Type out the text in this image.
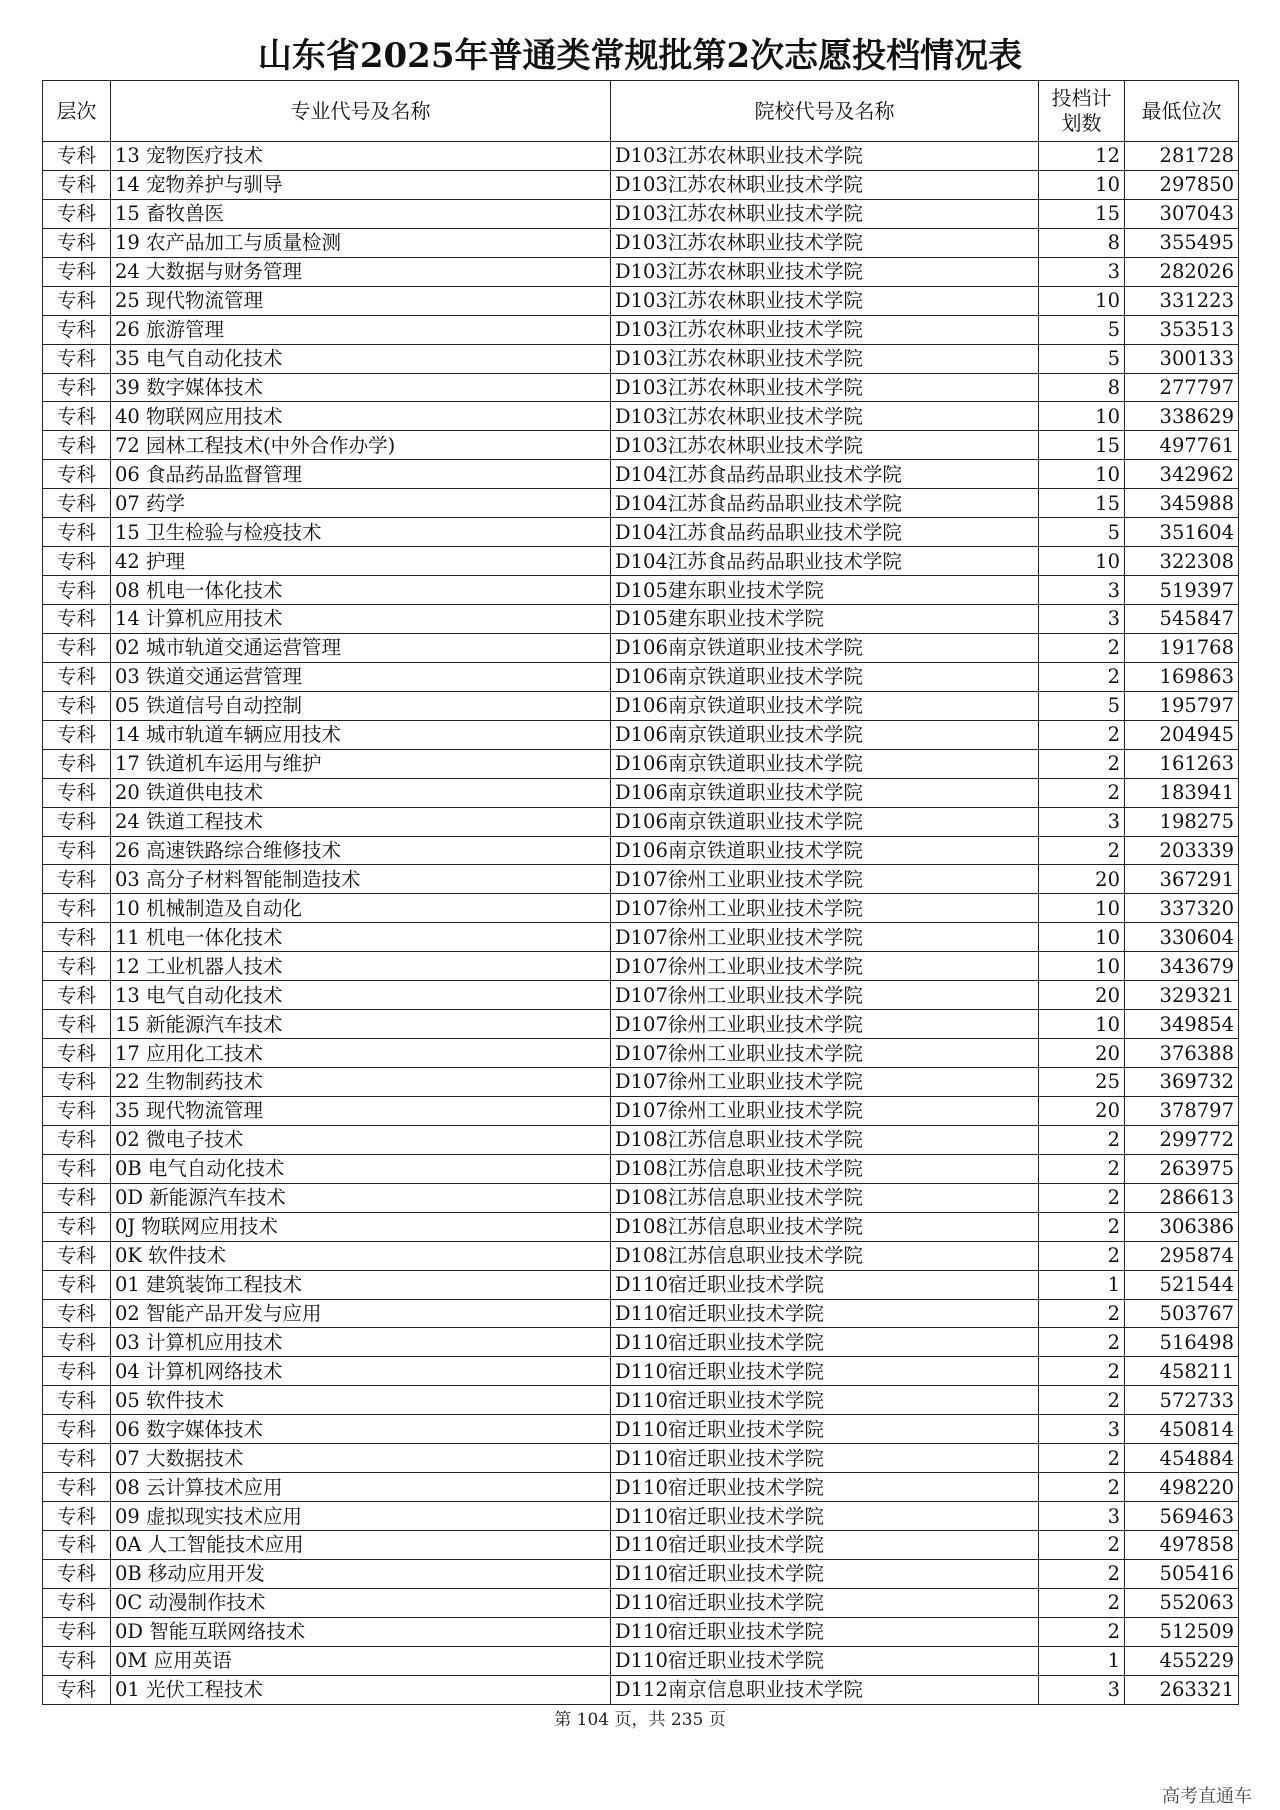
山东省2025年普通类常规批第2次志愿投档情况表
层次	专业代号及名称	院校代号及名称	投档计划数	最低位次
专科	13 宠物医疗技术	D103江苏农林职业技术学院	12	281728
专科	14 宠物养护与驯导	D103江苏农林职业技术学院	10	297850
专科	15 畜牧兽医	D103江苏农林职业技术学院	15	307043
专科	19 农产品加工与质量检测	D103江苏农林职业技术学院	8	355495
专科	24 大数据与财务管理	D103江苏农林职业技术学院	3	282026
专科	25 现代物流管理	D103江苏农林职业技术学院	10	331223
专科	26 旅游管理	D103江苏农林职业技术学院	5	353513
专科	35 电气自动化技术	D103江苏农林职业技术学院	5	300133
专科	39 数字媒体技术	D103江苏农林职业技术学院	8	277797
专科	40 物联网应用技术	D103江苏农林职业技术学院	10	338629
专科	72 园林工程技术(中外合作办学)	D103江苏农林职业技术学院	15	497761
专科	06 食品药品监督管理	D104江苏食品药品职业技术学院	10	342962
专科	07 药学	D104江苏食品药品职业技术学院	15	345988
专科	15 卫生检验与检疫技术	D104江苏食品药品职业技术学院	5	351604
专科	42 护理	D104江苏食品药品职业技术学院	10	322308
专科	08 机电一体化技术	D105建东职业技术学院	3	519397
专科	14 计算机应用技术	D105建东职业技术学院	3	545847
专科	02 城市轨道交通运营管理	D106南京铁道职业技术学院	2	191768
专科	03 铁道交通运营管理	D106南京铁道职业技术学院	2	169863
专科	05 铁道信号自动控制	D106南京铁道职业技术学院	5	195797
专科	14 城市轨道车辆应用技术	D106南京铁道职业技术学院	2	204945
专科	17 铁道机车运用与维护	D106南京铁道职业技术学院	2	161263
专科	20 铁道供电技术	D106南京铁道职业技术学院	2	183941
专科	24 铁道工程技术	D106南京铁道职业技术学院	3	198275
专科	26 高速铁路综合维修技术	D106南京铁道职业技术学院	2	203339
专科	03 高分子材料智能制造技术	D107徐州工业职业技术学院	20	367291
专科	10 机械制造及自动化	D107徐州工业职业技术学院	10	337320
专科	11 机电一体化技术	D107徐州工业职业技术学院	10	330604
专科	12 工业机器人技术	D107徐州工业职业技术学院	10	343679
专科	13 电气自动化技术	D107徐州工业职业技术学院	20	329321
专科	15 新能源汽车技术	D107徐州工业职业技术学院	10	349854
专科	17 应用化工技术	D107徐州工业职业技术学院	20	376388
专科	22 生物制药技术	D107徐州工业职业技术学院	25	369732
专科	35 现代物流管理	D107徐州工业职业技术学院	20	378797
专科	02 微电子技术	D108江苏信息职业技术学院	2	299772
专科	0B 电气自动化技术	D108江苏信息职业技术学院	2	263975
专科	0D 新能源汽车技术	D108江苏信息职业技术学院	2	286613
专科	0J 物联网应用技术	D108江苏信息职业技术学院	2	306386
专科	0K 软件技术	D108江苏信息职业技术学院	2	295874
专科	01 建筑装饰工程技术	D110宿迁职业技术学院	1	521544
专科	02 智能产品开发与应用	D110宿迁职业技术学院	2	503767
专科	03 计算机应用技术	D110宿迁职业技术学院	2	516498
专科	04 计算机网络技术	D110宿迁职业技术学院	2	458211
专科	05 软件技术	D110宿迁职业技术学院	2	572733
专科	06 数字媒体技术	D110宿迁职业技术学院	3	450814
专科	07 大数据技术	D110宿迁职业技术学院	2	454884
专科	08 云计算技术应用	D110宿迁职业技术学院	2	498220
专科	09 虚拟现实技术应用	D110宿迁职业技术学院	3	569463
专科	0A 人工智能技术应用	D110宿迁职业技术学院	2	497858
专科	0B 移动应用开发	D110宿迁职业技术学院	2	505416
专科	0C 动漫制作技术	D110宿迁职业技术学院	2	552063
专科	0D 智能互联网络技术	D110宿迁职业技术学院	2	512509
专科	0M 应用英语	D110宿迁职业技术学院	1	455229
专科	01 光伏工程技术	D112南京信息职业技术学院	3	263321
第 104 页，共 235 页
高考直通车
